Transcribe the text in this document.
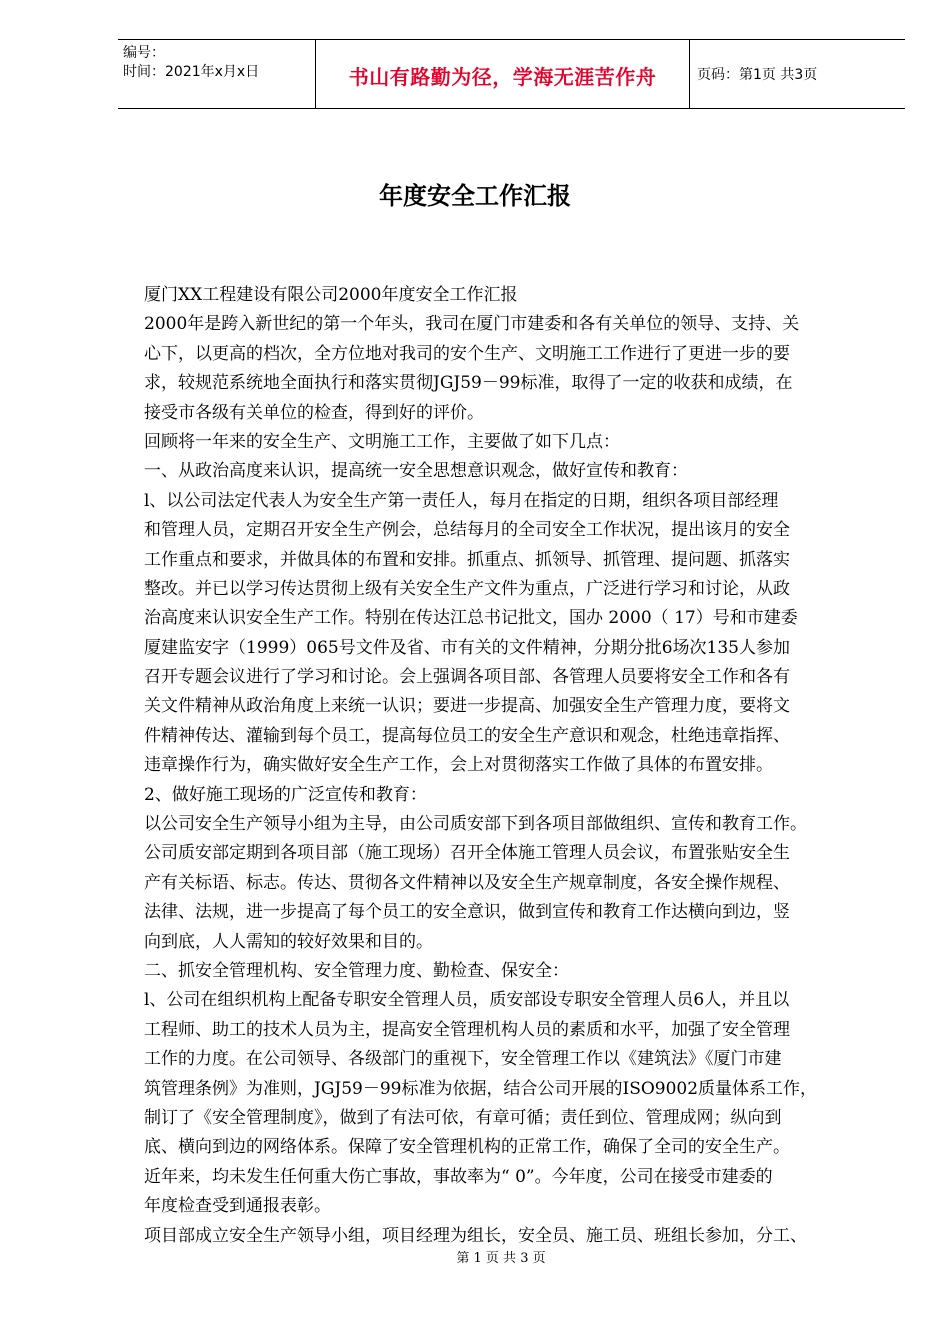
编号：
时间：2021年x月x日	书山有路勤为径，学海无涯苦作舟	页码：第1页 共3页
年度安全工作汇报
厦门XX工程建设有限公司2000年度安全工作汇报
2000年是跨入新世纪的第一个年头，我司在厦门市建委和各有关单位的领导、支持、关
心下，以更高的档次，全方位地对我司的安个生产、文明施工工作进行了更进一步的要
求，较规范系统地全面执行和落实贯彻JGJ59－99标准，取得了一定的收获和成绩，在
接受市各级有关单位的检查，得到好的评价。
回顾将一年来的安全生产、文明施工工作，主要做了如下几点：
一、从政治高度来认识，提高统一安全思想意识观念，做好宣传和教育：
l、以公司法定代表人为安全生产第一责任人，每月在指定的日期，组织各项目部经理
和管理人员，定期召开安全生产例会，总结每月的全司安全工作状况，提出该月的安全
工作重点和要求，并做具体的布置和安排。抓重点、抓领导、抓管理、提问题、抓落实
整改。并已以学习传达贯彻上级有关安全生产文件为重点，广泛进行学习和讨论，从政
治高度来认识安全生产工作。特别在传达江总书记批文，国办 2000（ 17）号和市建委
厦建监安字（1999）065号文件及省、市有关的文件精神，分期分批6场次135人参加
召开专题会议进行了学习和讨论。会上强调各项目部、各管理人员要将安全工作和各有
关文件精神从政治角度上来统一认识；要进一步提高、加强安全生产管理力度，要将文
件精神传达、灌输到每个员工，提高每位员工的安全生产意识和观念，杜绝违章指挥、
违章操作行为，确实做好安全生产工作，会上对贯彻落实工作做了具体的布置安排。
2、做好施工现场的广泛宣传和教育：
以公司安全生产领导小组为主导，由公司质安部下到各项目部做组织、宣传和教育工作。
公司质安部定期到各项目部（施工现场）召开全体施工管理人员会议，布置张贴安全生
产有关标语、标志。传达、贯彻各文件精神以及安全生产规章制度，各安全操作规程、
法律、法规，进一步提高了每个员工的安全意识，做到宣传和教育工作达横向到边，竖
向到底，人人需知的较好效果和目的。
二、抓安全管理机构、安全管理力度、勤检查、保安全：
l、公司在组织机构上配备专职安全管理人员，质安部设专职安全管理人员6人，并且以
工程师、助工的技术人员为主，提高安全管理机构人员的素质和水平，加强了安全管理
工作的力度。在公司领导、各级部门的重视下，安全管理工作以《建筑法》《厦门市建
筑管理条例》为准则，JGJ59－99标准为依据，结合公司开展的ISO9002质量体系工作，
制订了《安全管理制度》，做到了有法可依，有章可循；责任到位、管理成网；纵向到
底、横向到边的网络体系。保障了安全管理机构的正常工作，确保了全司的安全生产。
近年来，均未发生任何重大伤亡事故，事故率为“ 0”。今年度，公司在接受市建委的
年度检查受到通报表彰。
项目部成立安全生产领导小组，项目经理为组长，安全员、施工员、班组长参加，分工、
第 1 页 共 3 页
